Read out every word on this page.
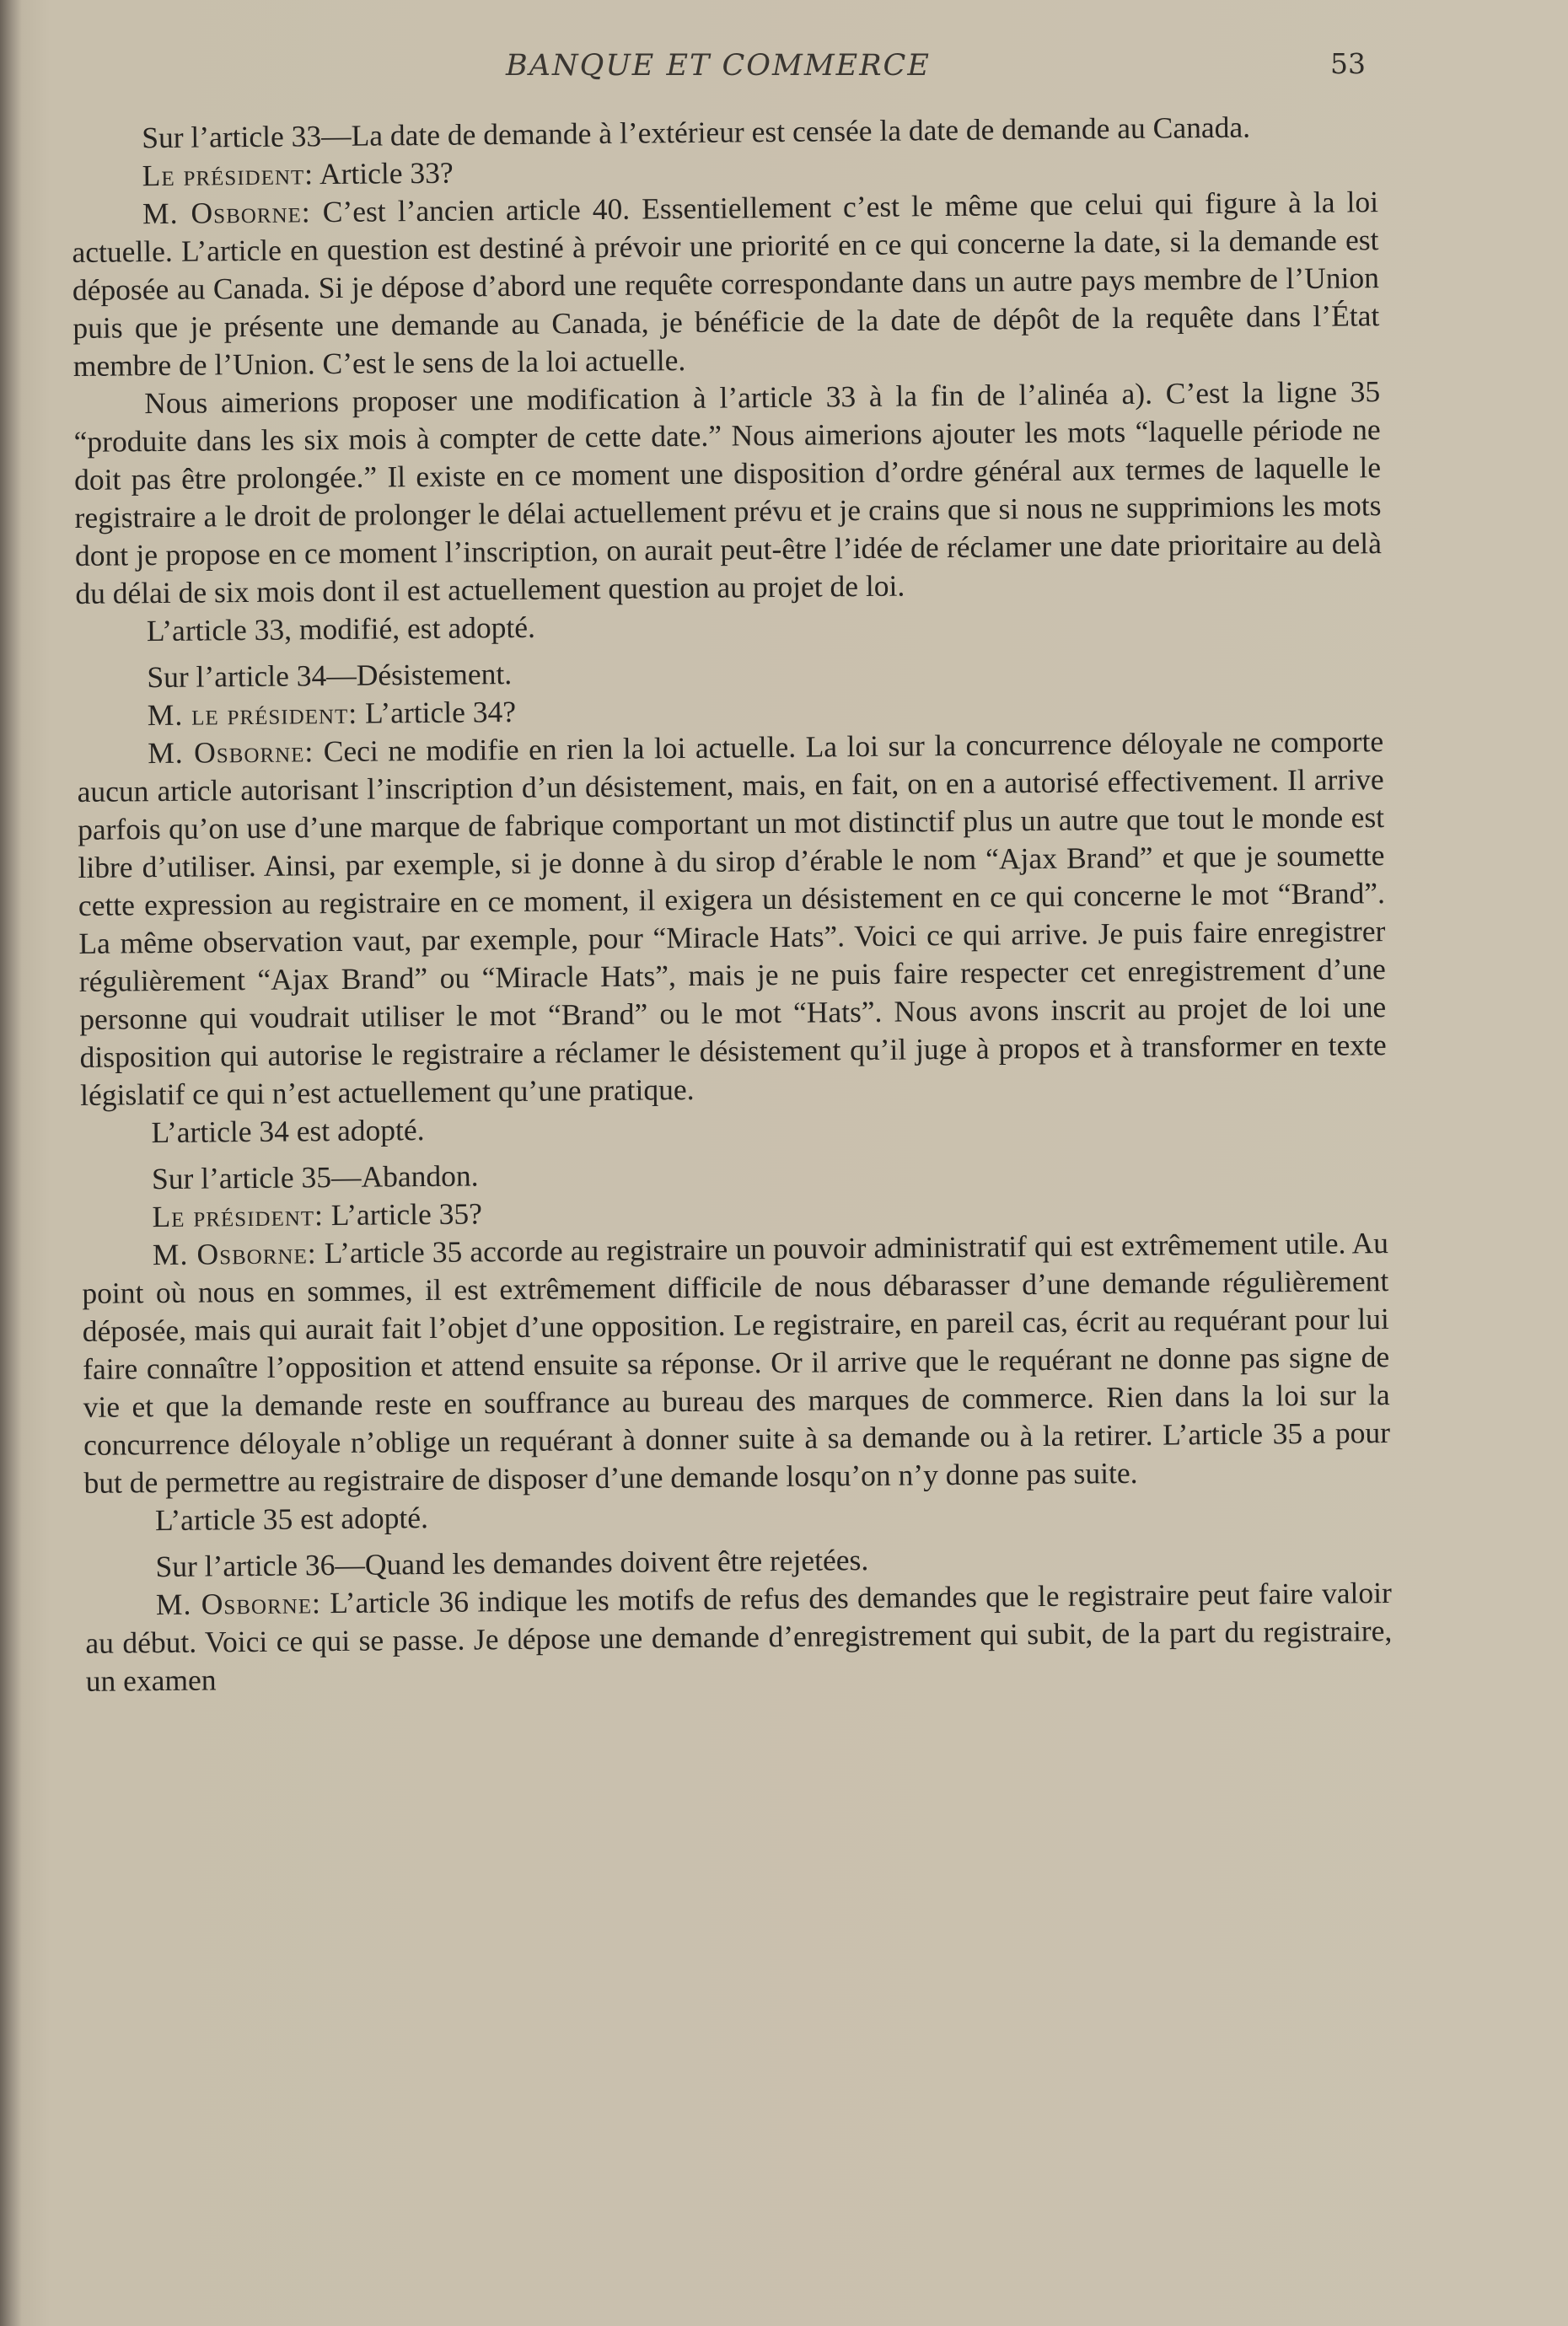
BANQUE ET COMMERCE	53

Sur l’article 33—La date de demande à l’extérieur est censée la date de demande au Canada.

Le président: Article 33?

M. Osborne: C’est l’ancien article 40. Essentiellement c’est le même que celui qui figure à la loi actuelle. L’article en question est destiné à prévoir une priorité en ce qui concerne la date, si la demande est déposée au Canada. Si je dépose d’abord une requête correspondante dans un autre pays membre de l’Union puis que je présente une demande au Canada, je bénéficie de la date de dépôt de la requête dans l’État membre de l’Union. C’est le sens de la loi actuelle.

Nous aimerions proposer une modification à l’article 33 à la fin de l’alinéa a). C’est la ligne 35 “produite dans les six mois à compter de cette date.” Nous aimerions ajouter les mots “laquelle période ne doit pas être prolongée.” Il existe en ce moment une disposition d’ordre général aux termes de laquelle le registraire a le droit de prolonger le délai actuellement prévu et je crains que si nous ne supprimions les mots dont je propose en ce moment l’inscription, on aurait peut-être l’idée de réclamer une date prioritaire au delà du délai de six mois dont il est actuellement question au projet de loi.

L’article 33, modifié, est adopté.

Sur l’article 34—Désistement.

M. le président: L’article 34?

M. Osborne: Ceci ne modifie en rien la loi actuelle. La loi sur la concurrence déloyale ne comporte aucun article autorisant l’inscription d’un désistement, mais, en fait, on en a autorisé effectivement. Il arrive parfois qu’on use d’une marque de fabrique comportant un mot distinctif plus un autre que tout le monde est libre d’utiliser. Ainsi, par exemple, si je donne à du sirop d’érable le nom “Ajax Brand” et que je soumette cette expression au registraire en ce moment, il exigera un désistement en ce qui concerne le mot “Brand”. La même observation vaut, par exemple, pour “Miracle Hats”. Voici ce qui arrive. Je puis faire enregistrer régulièrement “Ajax Brand” ou “Miracle Hats”, mais je ne puis faire respecter cet enregistrement d’une personne qui voudrait utiliser le mot “Brand” ou le mot “Hats”. Nous avons inscrit au projet de loi une disposition qui autorise le registraire a réclamer le désistement qu’il juge à propos et à transformer en texte législatif ce qui n’est actuellement qu’une pratique.

L’article 34 est adopté.

Sur l’article 35—Abandon.

Le président: L’article 35?

M. Osborne: L’article 35 accorde au registraire un pouvoir administratif qui est extrêmement utile. Au point où nous en sommes, il est extrêmement difficile de nous débarasser d’une demande régulièrement déposée, mais qui aurait fait l’objet d’une opposition. Le registraire, en pareil cas, écrit au requérant pour lui faire connaître l’opposition et attend ensuite sa réponse. Or il arrive que le requérant ne donne pas signe de vie et que la demande reste en souffrance au bureau des marques de commerce. Rien dans la loi sur la concurrence déloyale n’oblige un requérant à donner suite à sa demande ou à la retirer. L’article 35 a pour but de permettre au registraire de disposer d’une demande losqu’on n’y donne pas suite.

L’article 35 est adopté.

Sur l’article 36—Quand les demandes doivent être rejetées.

M. Osborne: L’article 36 indique les motifs de refus des demandes que le registraire peut faire valoir au début. Voici ce qui se passe. Je dépose une demande d’enregistrement qui subit, de la part du registraire, un examen
